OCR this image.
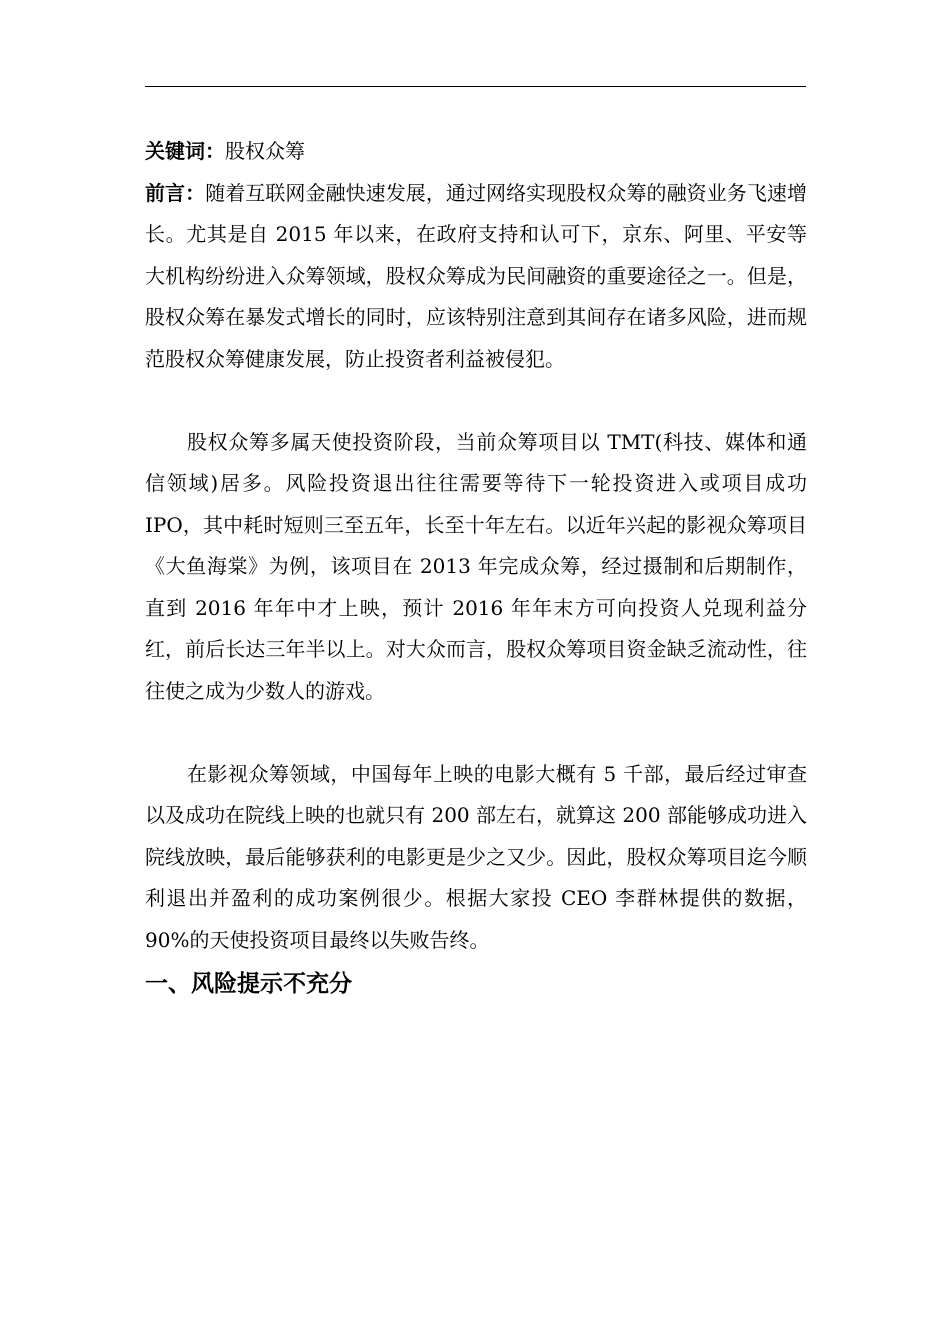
关键词：股权众筹

前言：随着互联网金融快速发展，通过网络实现股权众筹的融资业务飞速增长。尤其是自 2015 年以来，在政府支持和认可下，京东、阿里、平安等大机构纷纷进入众筹领域，股权众筹成为民间融资的重要途径之一。但是，股权众筹在暴发式增长的同时，应该特别注意到其间存在诸多风险，进而规范股权众筹健康发展，防止投资者利益被侵犯。

股权众筹多属天使投资阶段，当前众筹项目以 TMT(科技、媒体和通信领域)居多。风险投资退出往往需要等待下一轮投资进入或项目成功 IPO，其中耗时短则三至五年，长至十年左右。以近年兴起的影视众筹项目《大鱼海棠》为例，该项目在 2013 年完成众筹，经过摄制和后期制作，直到 2016 年年中才上映，预计 2016 年年末方可向投资人兑现利益分红，前后长达三年半以上。对大众而言，股权众筹项目资金缺乏流动性，往往使之成为少数人的游戏。

在影视众筹领域，中国每年上映的电影大概有 5 千部，最后经过审查以及成功在院线上映的也就只有 200 部左右，就算这 200 部能够成功进入院线放映，最后能够获利的电影更是少之又少。因此，股权众筹项目迄今顺利退出并盈利的成功案例很少。根据大家投 CEO 李群林提供的数据，90%的天使投资项目最终以失败告终。

一、风险提示不充分
